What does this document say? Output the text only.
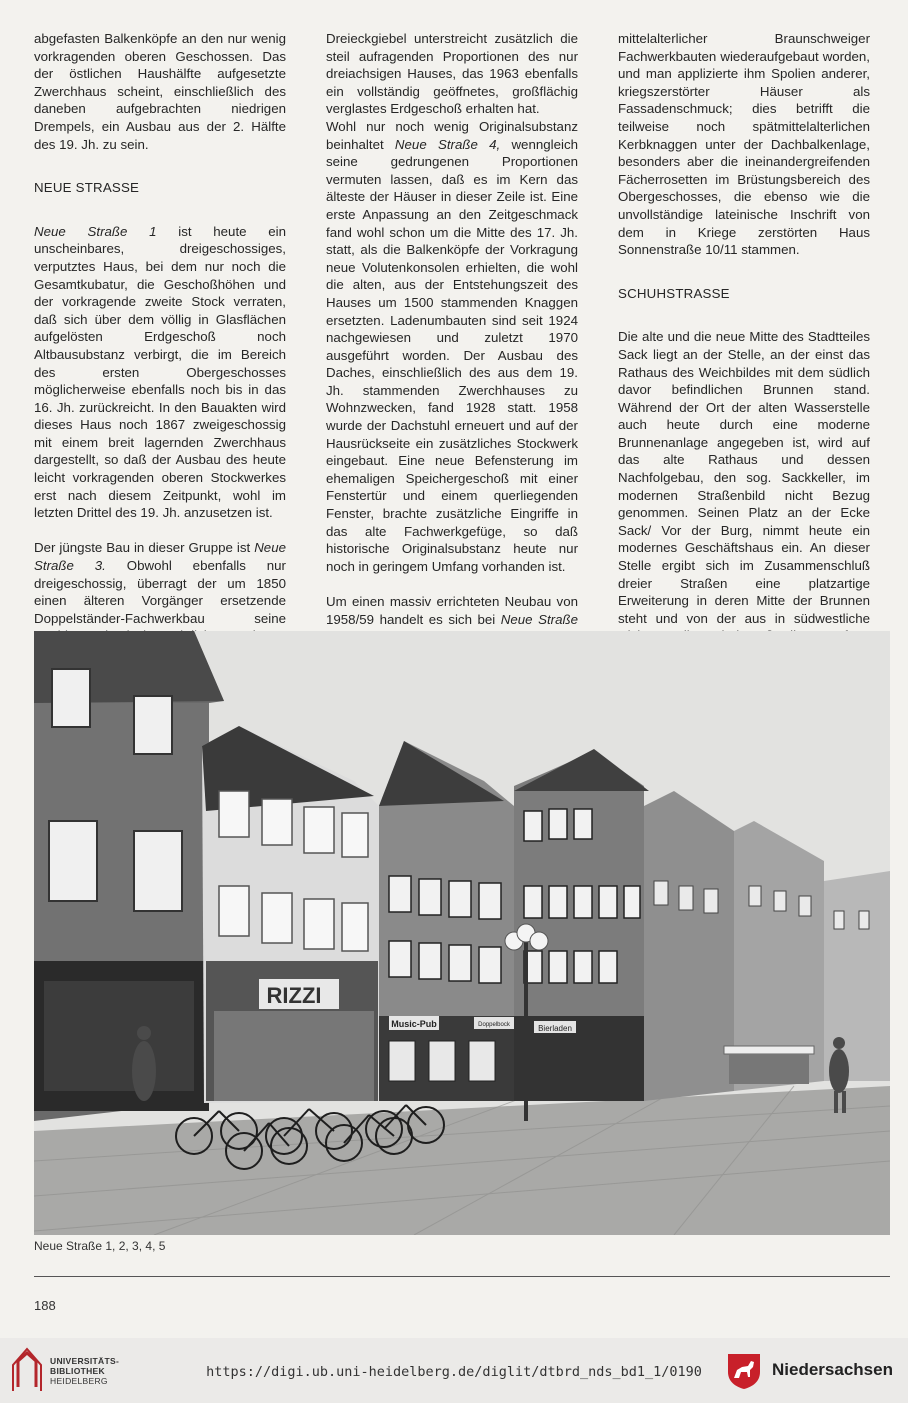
abgefasten Balkenköpfe an den nur wenig vorkragenden oberen Geschossen. Das der östlichen Haushälfte aufgesetzte Zwerchhaus scheint, einschließlich des daneben aufgebrachten niedrigen Drempels, ein Ausbau aus der 2. Hälfte des 19. Jh. zu sein.

NEUE STRASSE

Neue Straße 1 ist heute ein unscheinbares, dreigeschossiges, verputztes Haus, bei dem nur noch die Gesamtkubatur, die Geschoßhöhen und der vorkragende zweite Stock verraten, daß sich über dem völlig in Glasflächen aufgelösten Erdgeschoß noch Altbausubstanz verbirgt, die im Bereich des ersten Obergeschosses möglicherweise ebenfalls noch bis in das 16. Jh. zurückreicht. In den Bauakten wird dieses Haus noch 1867 zweigeschossig mit einem breit lagernden Zwerchhaus dargestellt, so daß der Ausbau des heute leicht vorkragenden oberen Stockwerkes erst nach diesem Zeitpunkt, wohl im letzten Drittel des 19. Jh. anzusetzen ist.

Der jüngste Bau in dieser Gruppe ist Neue Straße 3. Obwohl ebenfalls nur dreigeschossig, überragt der um 1850 einen älteren Vorgänger ersetzende Doppelständer-Fachwerkbau seine

Dreieckgiebel unterstreicht zusätzlich die steil aufragenden Proportionen des nur dreiachsigen Hauses, das 1963 ebenfalls ein vollständig geöffnetes, großflächig verglastes Erdgeschoß erhalten hat.

Wohl nur noch wenig Originalsubstanz beinhaltet Neue Straße 4, wenngleich seine gedrungenen Proportionen vermuten lassen, daß es im Kern das älteste der Häuser in dieser Zeile ist. Eine erste Anpassung an den Zeitgeschmack fand wohl schon um die Mitte des 17. Jh. statt, als die Balkenköpfe der Vorkragung neue Volutenkonsolen erhielten, die wohl die alten, aus der Entstehungszeit des Hauses um 1500 stammenden Knaggen ersetzten. Ladenumbauten sind seit 1924 nachgewiesen und zuletzt 1970 ausgeführt worden. Der Ausbau des Daches, einschließlich des aus dem 19. Jh. stammenden Zwerchhauses zu Wohnzwecken, fand 1928 statt. 1958 wurde der Dachstuhl erneuert und auf der Hausrückseite ein zusätzliches Stockwerk eingebaut. Eine neue Befensterung im ehemaligen Speichergeschoß mit einer Fenstertür und einem querliegenden Fenster, brachte zusätzliche Eingriffe in das alte Fachwerkgefüge, so daß historische Originalsubstanz heute nur noch in geringem Umfang vorhanden ist.

Um einen massiv errichteten Neubau von 1958/59 handelt es sich bei Neue Straße

mittelalterlicher Braunschweiger Fachwerkbauten wiederaufgebaut worden, und man applizierte ihm Spolien anderer, kriegszerstörter Häuser als Fassadenschmuck; dies betrifft die teilweise noch spätmittelalterlichen Kerbknaggen unter der Dachbalkenlage, besonders aber die ineinandergreifenden Fächerrosetten im Brüstungsbereich des Obergeschosses, die ebenso wie die unvollständige lateinische Inschrift von dem in Kriege zerstörten Haus Sonnenstraße 10/11 stammen.

SCHUHSTRASSE

Die alte und die neue Mitte des Stadtteiles Sack liegt an der Stelle, an der einst das Rathaus des Weichbildes mit dem südlich davor befindlichen Brunnen stand. Während der Ort der alten Wasserstelle auch heute durch eine moderne Brunnenanlage angegeben ist, wird auf das alte Rathaus und dessen Nachfolgebau, den sog. Sackkeller, im modernen Straßenbild nicht Bezug genommen. Seinen Platz an der Ecke Sack/ Vor der Burg, nimmt heute ein modernes Geschäftshaus ein. An dieser Stelle ergibt sich im Zusammenschluß dreier Straßen eine platzartige Erweiterung in deren Mitte der Brunnen steht und von der aus in südwestliche

RIZZI
Music-Pub	Bierladen
Doppelbock
Neue Straße 1, 2, 3, 4, 5
188
UNIVERSITÄTS-
BIBLIOTHEK
HEIDELBERG
https://digi.ub.uni-heidelberg.de/diglit/dtbrd_nds_bd1_1/0190	Niedersachsen
